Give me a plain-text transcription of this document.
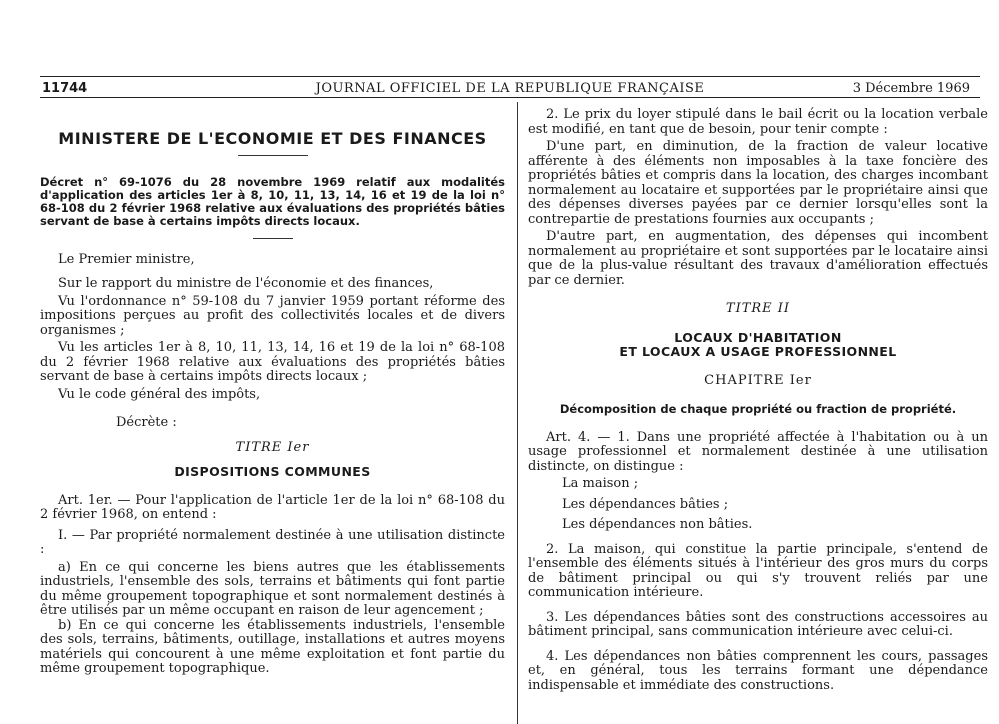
11744	JOURNAL OFFICIEL DE LA REPUBLIQUE FRANÇAISE	3 Décembre 1969
MINISTERE DE L'ECONOMIE ET DES FINANCES

Décret n° 69-1076 du 28 novembre 1969 relatif aux modalités d'application des articles 1er à 8, 10, 11, 13, 14, 16 et 19 de la loi n° 68-108 du 2 février 1968 relative aux évaluations des propriétés bâties servant de base à certains impôts directs locaux.

Le Premier ministre,

Sur le rapport du ministre de l'économie et des finances,

Vu l'ordonnance n° 59-108 du 7 janvier 1959 portant réforme des impositions perçues au profit des collectivités locales et de divers organismes ;

Vu les articles 1er à 8, 10, 11, 13, 14, 16 et 19 de la loi n° 68-108 du 2 février 1968 relative aux évaluations des propriétés bâties servant de base à certains impôts directs locaux ;

Vu le code général des impôts,

Décrète :

TITRE Ier

DISPOSITIONS COMMUNES

Art. 1er. — Pour l'application de l'article 1er de la loi n° 68-108 du 2 février 1968, on entend :

I. — Par propriété normalement destinée à une utilisation distincte :

a) En ce qui concerne les biens autres que les établissements industriels, l'ensemble des sols, terrains et bâtiments qui font partie du même groupement topographique et sont normalement destinés à être utilisés par un même occupant en raison de leur agencement ;

b) En ce qui concerne les établissements industriels, l'ensemble des sols, terrains, bâtiments, outillage, installations et autres moyens matériels qui concourent à une même exploitation et font partie du même groupement topographique.

2. Le prix du loyer stipulé dans le bail écrit ou la location verbale est modifié, en tant que de besoin, pour tenir compte :

D'une part, en diminution, de la fraction de valeur locative afférente à des éléments non imposables à la taxe foncière des propriétés bâties et compris dans la location, des charges incombant normalement au locataire et supportées par le propriétaire ainsi que des dépenses diverses payées par ce dernier lorsqu'elles sont la contrepartie de prestations fournies aux occupants ;

D'autre part, en augmentation, des dépenses qui incombent normalement au propriétaire et sont supportées par le locataire ainsi que de la plus-value résultant des travaux d'amélioration effectués par ce dernier.

TITRE II

LOCAUX D'HABITATION

ET LOCAUX A USAGE PROFESSIONNEL

CHAPITRE Ier

Décomposition de chaque propriété ou fraction de propriété.

Art. 4. — 1. Dans une propriété affectée à l'habitation ou à un usage professionnel et normalement destinée à une utilisation distincte, on distingue :

La maison ;

Les dépendances bâties ;

Les dépendances non bâties.

2. La maison, qui constitue la partie principale, s'entend de l'ensemble des éléments situés à l'intérieur des gros murs du corps de bâtiment principal ou qui s'y trouvent reliés par une communication intérieure.

3. Les dépendances bâties sont des constructions accessoires au bâtiment principal, sans communication intérieure avec celui-ci.

4. Les dépendances non bâties comprennent les cours, passages et, en général, tous les terrains formant une dépendance indispensable et immédiate des constructions.
